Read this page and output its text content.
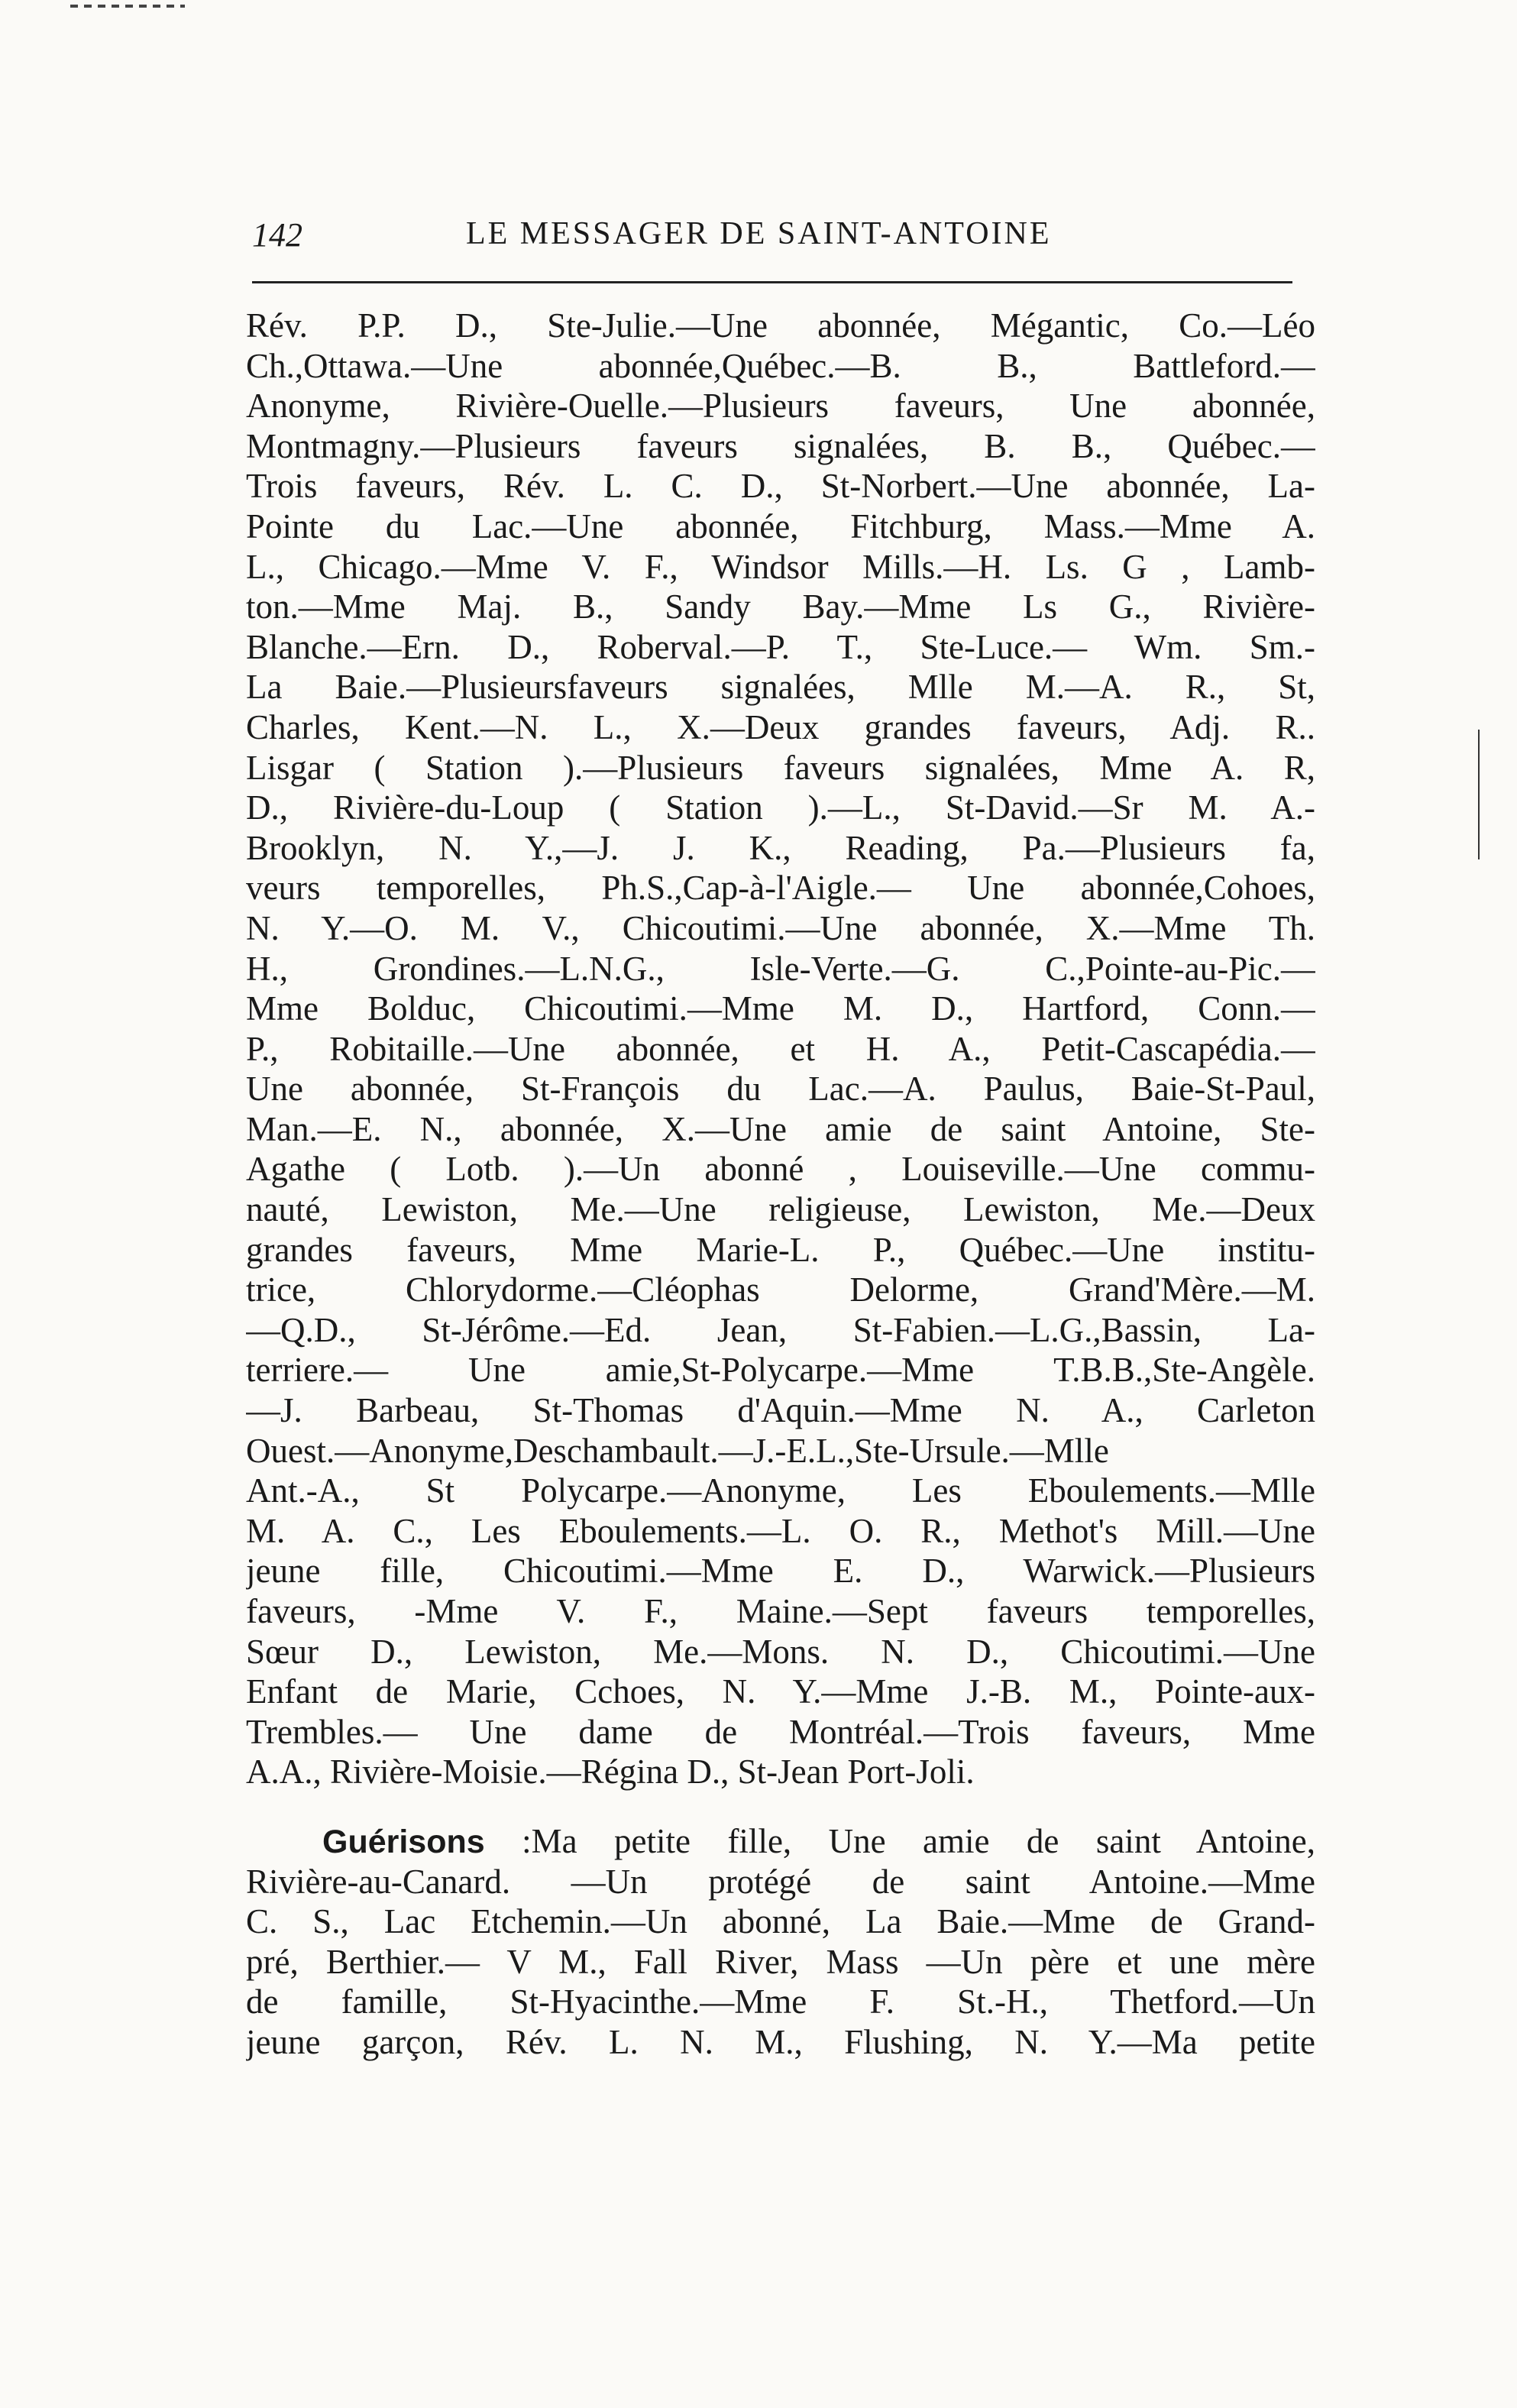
142	LE MESSAGER DE SAINT-ANTOINE
Rév. P.P. D., Ste-Julie.—Une abonnée, Mégantic, Co.—Léo
Ch.,Ottawa.—Une abonnée,Québec.—B. B., Battleford.—
Anonyme, Rivière-Ouelle.—Plusieurs faveurs, Une abonnée,
Montmagny.—Plusieurs faveurs signalées, B. B., Québec.—
Trois faveurs, Rév. L. C. D., St-Norbert.—Une abonnée, La-
Pointe du Lac.—Une abonnée, Fitchburg, Mass.—Mme A.
L., Chicago.—Mme V. F., Windsor Mills.—H. Ls. G , Lamb-
ton.—Mme Maj. B., Sandy Bay.—Mme Ls G., Rivière-
Blanche.—Ern. D., Roberval.—P. T., Ste-Luce.— Wm. Sm.-
La Baie.—Plusieursfaveurs signalées, Mlle M.—A. R., St,
Charles, Kent.—N. L., X.—Deux grandes faveurs, Adj. R..
Lisgar ( Station ).—Plusieurs faveurs signalées, Mme A. R,
D., Rivière-du-Loup ( Station ).—L., St-David.—Sr M. A.-
Brooklyn, N. Y.,—J. J. K., Reading, Pa.—Plusieurs fa,
veurs temporelles, Ph.S.,Cap-à-l'Aigle.— Une abonnée,Cohoes,
N. Y.—O. M. V., Chicoutimi.—Une abonnée, X.—Mme Th.
H., Grondines.—L.N.G., Isle-Verte.—G. C.,Pointe-au-Pic.—
Mme Bolduc, Chicoutimi.—Mme M. D., Hartford, Conn.—
P., Robitaille.—Une abonnée, et H. A., Petit-Cascapédia.—
Une abonnée, St-François du Lac.—A. Paulus, Baie-St-Paul,
Man.—E. N., abonnée, X.—Une amie de saint Antoine, Ste-
Agathe ( Lotb. ).—Un abonné , Louiseville.—Une commu-
nauté, Lewiston, Me.—Une religieuse, Lewiston, Me.—Deux
grandes faveurs, Mme Marie-L. P., Québec.—Une institu-
trice, Chlorydorme.—Cléophas Delorme, Grand'Mère.—M.
—Q.D., St-Jérôme.—Ed. Jean, St-Fabien.—L.G.,Bassin, La-
terriere.— Une amie,St-Polycarpe.—Mme T.B.B.,Ste-Angèle.
—J. Barbeau, St-Thomas d'Aquin.—Mme N. A., Carleton
Ouest.—Anonyme,Deschambault.—J.-E.L.,Ste-Ursule.—Mlle
Ant.-A., St Polycarpe.—Anonyme, Les Eboulements.—Mlle
M. A. C., Les Eboulements.—L. O. R., Methot's Mill.—Une
jeune fille, Chicoutimi.—Mme E. D., Warwick.—Plusieurs
faveurs, -Mme V. F., Maine.—Sept faveurs temporelles,
Sœur D., Lewiston, Me.—Mons. N. D., Chicoutimi.—Une
Enfant de Marie, Cchoes, N. Y.—Mme J.-B. M., Pointe-aux-
Trembles.— Une dame de Montréal.—Trois faveurs, Mme
A.A., Rivière-Moisie.—Régina D., St-Jean Port-Joli.
Guérisons :Ma petite fille, Une amie de saint Antoine,
Rivière-au-Canard. —Un protégé de saint Antoine.—Mme
C. S., Lac Etchemin.—Un abonné, La Baie.—Mme de Grand-
pré, Berthier.— V M., Fall River, Mass —Un père et une mère
de famille, St-Hyacinthe.—Mme F. St.-H., Thetford.—Un
jeune garçon, Rév. L. N. M., Flushing, N. Y.—Ma petite
